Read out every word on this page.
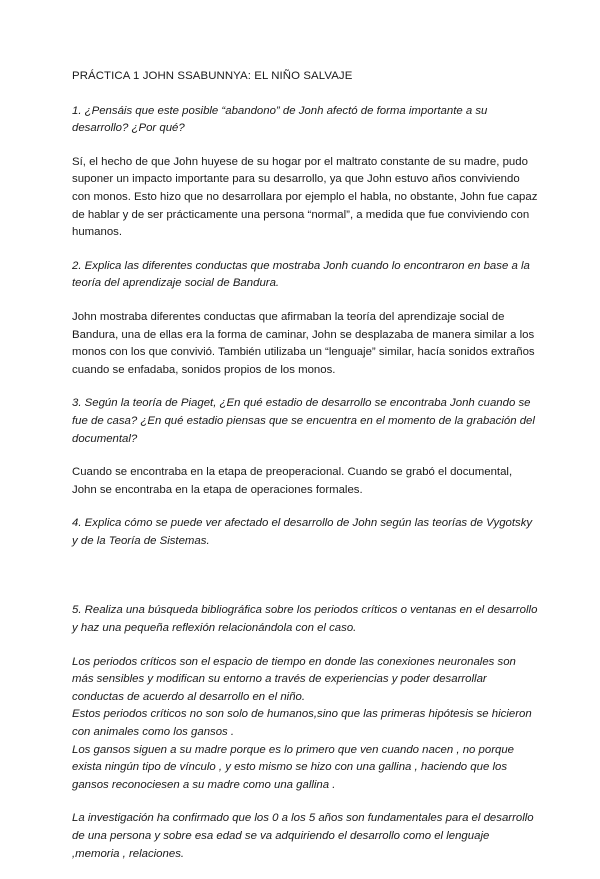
PRÁCTICA 1 JOHN SSABUNNYA: EL NIÑO SALVAJE
1. ¿Pensáis que este posible “abandono” de Jonh afectó de forma importante a su
desarrollo? ¿Por qué?
Sí, el hecho de que John huyese de su hogar por el maltrato constante de su madre, pudo
suponer un impacto importante para su desarrollo, ya que John estuvo años conviviendo
con monos. Esto hizo que no desarrollara por ejemplo el habla, no obstante, John fue capaz
de hablar y de ser prácticamente una persona “normal”, a medida que fue conviviendo con
humanos.
2. Explica las diferentes conductas que mostraba Jonh cuando lo encontraron en base a la
teoría del aprendizaje social de Bandura.
John mostraba diferentes conductas que afirmaban la teoría del aprendizaje social de
Bandura, una de ellas era la forma de caminar, John se desplazaba de manera similar a los
monos con los que convivió. También utilizaba un “lenguaje” similar, hacía sonidos extraños
cuando se enfadaba, sonidos propios de los monos.
3. Según la teoría de Piaget, ¿En qué estadio de desarrollo se encontraba Jonh cuando se
fue de casa? ¿En qué estadio piensas que se encuentra en el momento de la grabación del
documental?
Cuando se encontraba en la etapa de preoperacional. Cuando se grabó el documental,
John se encontraba en la etapa de operaciones formales.
4. Explica cómo se puede ver afectado el desarrollo de John según las teorías de Vygotsky
y de la Teoría de Sistemas.
5. Realiza una búsqueda bibliográfica sobre los periodos críticos o ventanas en el desarrollo
y haz una pequeña reflexión relacionándola con el caso.
Los periodos críticos son el espacio de tiempo en donde las conexiones neuronales son
más sensibles y modifican su entorno a través de experiencias y poder desarrollar
conductas de acuerdo al desarrollo en el niño.
Estos periodos críticos no son solo de humanos,sino que las primeras hipótesis se hicieron
con animales como los gansos .
Los gansos siguen a su madre porque es lo primero que ven cuando nacen , no porque
exista ningún tipo de vínculo , y esto mismo se hizo con una gallina , haciendo que los
gansos reconociesen a su madre como una gallina .
La investigación ha confirmado que los 0 a los 5 años son fundamentales para el desarrollo
de una persona y sobre esa edad se va adquiriendo el desarrollo como el lenguaje
,memoria , relaciones.
